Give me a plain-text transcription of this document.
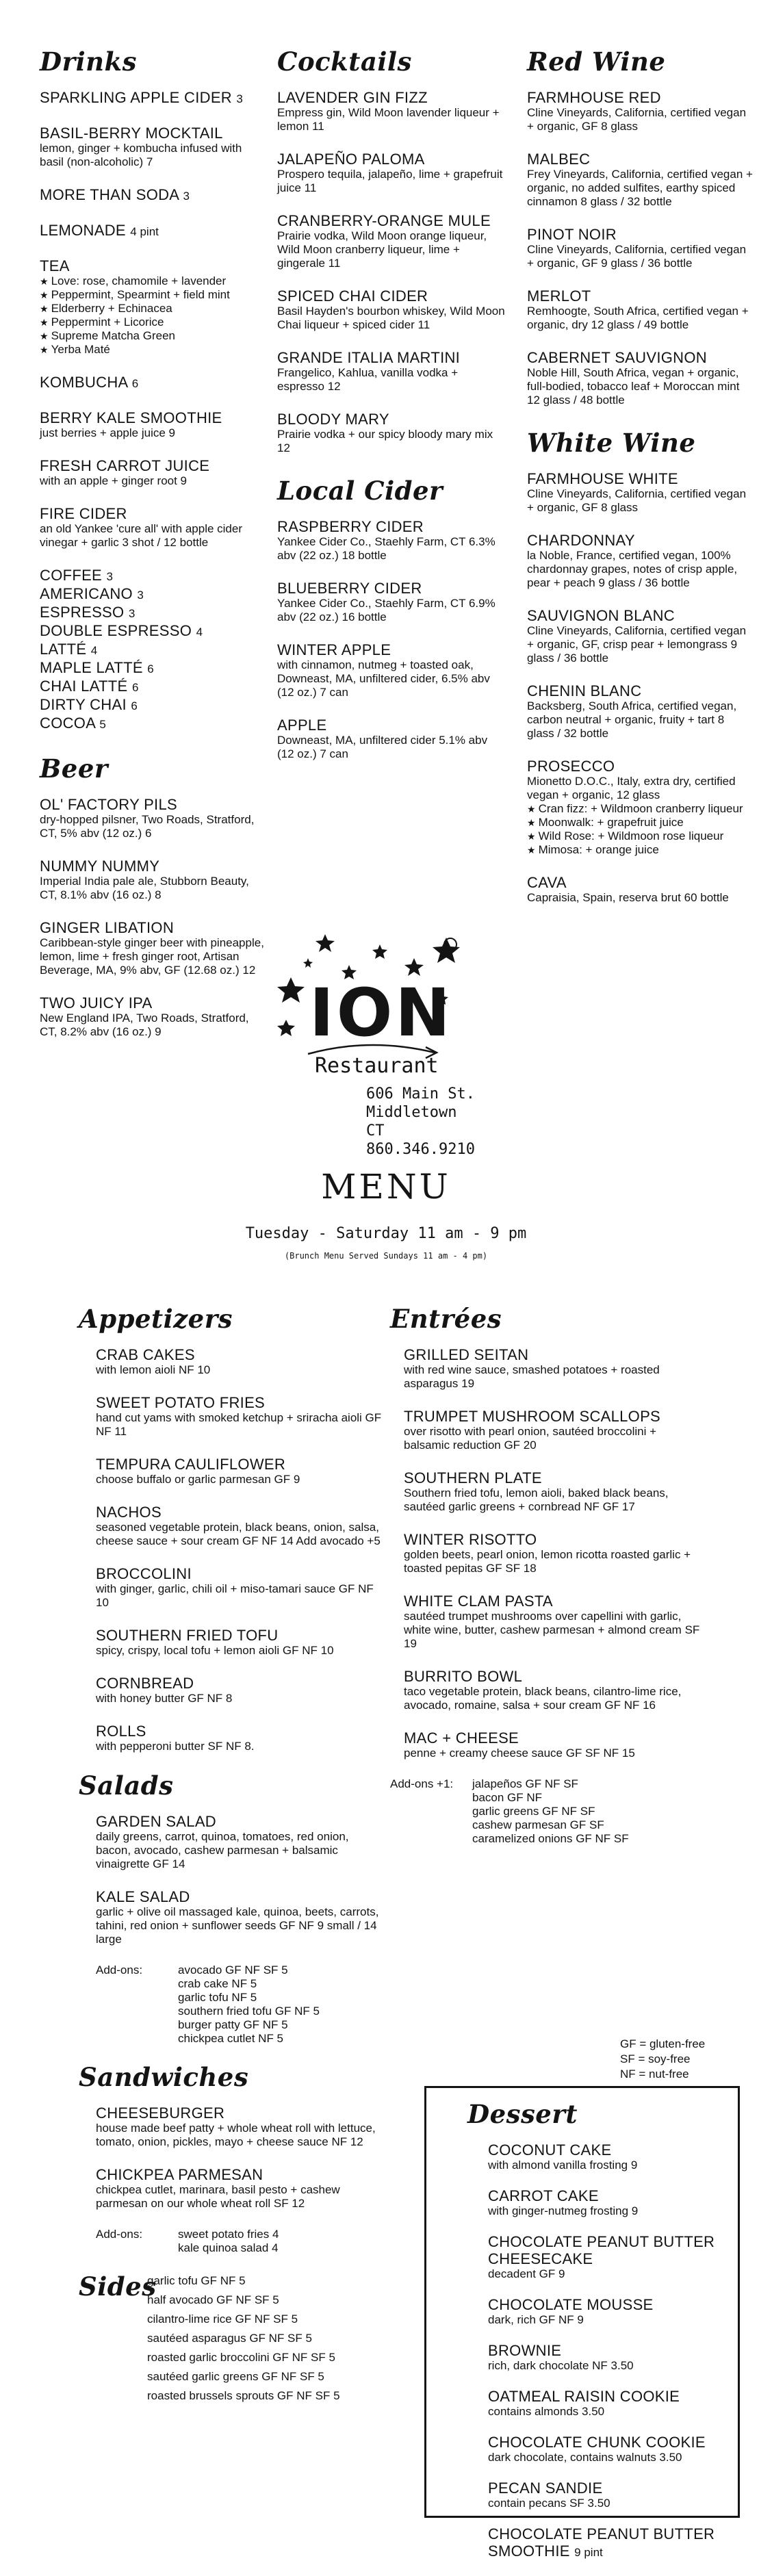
Drinks
SPARKLING APPLE CIDER 3
BASIL-BERRY MOCKTAIL
lemon, ginger + kombucha infused with basil (non-alcoholic) 7
MORE THAN SODA 3
LEMONADE 4 pint
TEA
★ Love: rose, chamomile + lavender
★ Peppermint, Spearmint + field mint
★ Elderberry + Echinacea
★ Peppermint + Licorice
★ Supreme Matcha Green
★ Yerba Maté
KOMBUCHA 6
BERRY KALE SMOOTHIE
just berries + apple juice 9
FRESH CARROT JUICE
with an apple + ginger root 9
FIRE CIDER
an old Yankee 'cure all' with apple cider vinegar + garlic 3 shot / 12 bottle
COFFEE 3
AMERICANO 3
ESPRESSO 3
DOUBLE ESPRESSO 4
LATTÉ 4
MAPLE LATTÉ 6
CHAI LATTÉ 6
DIRTY CHAI 6
COCOA 5
Beer
OL' FACTORY PILS
dry-hopped pilsner, Two Roads, Stratford, CT, 5% abv (12 oz.) 6
NUMMY NUMMY
Imperial India pale ale, Stubborn Beauty, CT, 8.1% abv (16 oz.) 8
GINGER LIBATION
Caribbean-style ginger beer with pineapple, lemon, lime + fresh ginger root, Artisan Beverage, MA, 9% abv, GF (12.68 oz.) 12
TWO JUICY IPA
New England IPA, Two Roads, Stratford, CT, 8.2% abv (16 oz.) 9
Cocktails
LAVENDER GIN FIZZ
Empress gin, Wild Moon lavender liqueur + lemon 11
JALAPEÑO PALOMA
Prospero tequila, jalapeño, lime + grapefruit juice 11
CRANBERRY-ORANGE MULE
Prairie vodka, Wild Moon orange liqueur, Wild Moon cranberry liqueur, lime + gingerale 11
SPICED CHAI CIDER
Basil Hayden's bourbon whiskey, Wild Moon Chai liqueur + spiced cider 11
GRANDE ITALIA MARTINI
Frangelico, Kahlua, vanilla vodka + espresso 12
BLOODY MARY
Prairie vodka + our spicy bloody mary mix 12
Local Cider
RASPBERRY CIDER
Yankee Cider Co., Staehly Farm, CT 6.3% abv (22 oz.) 18 bottle
BLUEBERRY CIDER
Yankee Cider Co., Staehly Farm, CT 6.9% abv (22 oz.) 16 bottle
WINTER APPLE
with cinnamon, nutmeg + toasted oak, Downeast, MA, unfiltered cider, 6.5% abv (12 oz.) 7 can
APPLE
Downeast, MA, unfiltered cider 5.1% abv (12 oz.) 7 can
Red Wine
FARMHOUSE RED
Cline Vineyards, California, certified vegan + organic, GF 8 glass
MALBEC
Frey Vineyards, California, certified vegan + organic, no added sulfites, earthy spiced cinnamon 8 glass / 32 bottle
PINOT NOIR
Cline Vineyards, California, certified vegan + organic, GF 9 glass / 36 bottle
MERLOT
Remhoogte, South Africa, certified vegan + organic, dry 12 glass / 49 bottle
CABERNET SAUVIGNON
Noble Hill, South Africa, vegan + organic, full-bodied, tobacco leaf + Moroccan mint 12 glass / 48 bottle
White Wine
FARMHOUSE WHITE
Cline Vineyards, California, certified vegan + organic, GF 8 glass
CHARDONNAY
la Noble, France, certified vegan, 100% chardonnay grapes, notes of crisp apple, pear + peach 9 glass / 36 bottle
SAUVIGNON BLANC
Cline Vineyards, California, certified vegan + organic, GF, crisp pear + lemongrass 9 glass / 36 bottle
CHENIN BLANC
Backsberg, South Africa, certified vegan, carbon neutral + organic, fruity + tart 8 glass / 32 bottle
PROSECCO
Mionetto D.O.C., Italy, extra dry, certified vegan + organic, 12 glass
★ Cran fizz: + Wildmoon cranberry liqueur
★ Moonwalk: + grapefruit juice
★ Wild Rose: + Wildmoon rose liqueur
★ Mimosa: + orange juice
CAVA
Capraisia, Spain, reserva brut 60 bottle
ION
Restaurant
606 Main St.
Middletown CT
860.346.9210
MENU
Tuesday - Saturday 11 am - 9 pm
(Brunch Menu Served Sundays 11 am - 4 pm)
Appetizers
CRAB CAKES
with lemon aioli NF 10
SWEET POTATO FRIES
hand cut yams with smoked ketchup + sriracha aioli GF NF 11
TEMPURA CAULIFLOWER
choose buffalo or garlic parmesan GF 9
NACHOS
seasoned vegetable protein, black beans, onion, salsa, cheese sauce + sour cream GF NF 14 Add avocado +5
BROCCOLINI
with ginger, garlic, chili oil + miso-tamari sauce GF NF 10
SOUTHERN FRIED TOFU
spicy, crispy, local tofu + lemon aioli GF NF 10
CORNBREAD
with honey butter GF NF 8
ROLLS
with pepperoni butter SF NF 8.
Salads
GARDEN SALAD
daily greens, carrot, quinoa, tomatoes, red onion, bacon, avocado, cashew parmesan + balsamic vinaigrette GF 14
KALE SALAD
garlic + olive oil massaged kale, quinoa, beets, carrots, tahini, red onion + sunflower seeds GF NF 9 small / 14 large
Add-ons:	avocado GF NF SF 5
crab cake NF 5
garlic tofu NF 5
southern fried tofu GF NF 5
burger patty GF NF 5
chickpea cutlet NF 5
Sandwiches
CHEESEBURGER
house made beef patty + whole wheat roll with lettuce, tomato, onion, pickles, mayo + cheese sauce NF 12
CHICKPEA PARMESAN
chickpea cutlet, marinara, basil pesto + cashew parmesan on our whole wheat roll SF 12
Add-ons:	sweet potato fries 4
kale quinoa salad 4
Sides
garlic tofu GF NF 5
half avocado GF NF SF 5
cilantro-lime rice GF NF SF 5
sautéed asparagus GF NF SF 5
roasted garlic broccolini GF NF SF 5
sautéed garlic greens GF NF SF 5
roasted brussels sprouts GF NF SF 5
Entrées
GRILLED SEITAN
with red wine sauce, smashed potatoes + roasted asparagus 19
TRUMPET MUSHROOM SCALLOPS
over risotto with pearl onion, sautéed broccolini + balsamic reduction GF 20
SOUTHERN PLATE
Southern fried tofu, lemon aioli, baked black beans, sautéed garlic greens + cornbread NF GF 17
WINTER RISOTTO
golden beets, pearl onion, lemon ricotta roasted garlic + toasted pepitas GF SF 18
WHITE CLAM PASTA
sautéed trumpet mushrooms over capellini with garlic, white wine, butter, cashew parmesan + almond cream SF 19
BURRITO BOWL
taco vegetable protein, black beans, cilantro-lime rice, avocado, romaine, salsa + sour cream GF NF 16
MAC + CHEESE
penne + creamy cheese sauce GF SF NF 15
Add-ons +1:	jalapeños GF NF SF
bacon GF NF
garlic greens GF NF SF
cashew parmesan GF SF
caramelized onions GF NF SF
GF = gluten-free
SF = soy-free
NF = nut-free
Dessert
COCONUT CAKE
with almond vanilla frosting 9
CARROT CAKE
with ginger-nutmeg frosting 9
CHOCOLATE PEANUT BUTTER CHEESECAKE
decadent GF 9
CHOCOLATE MOUSSE
dark, rich GF NF 9
BROWNIE
rich, dark chocolate NF 3.50
OATMEAL RAISIN COOKIE
contains almonds 3.50
CHOCOLATE CHUNK COOKIE
dark chocolate, contains walnuts 3.50
PECAN SANDIE
contain pecans SF 3.50
CHOCOLATE PEANUT BUTTER SMOOTHIE 9 pint
